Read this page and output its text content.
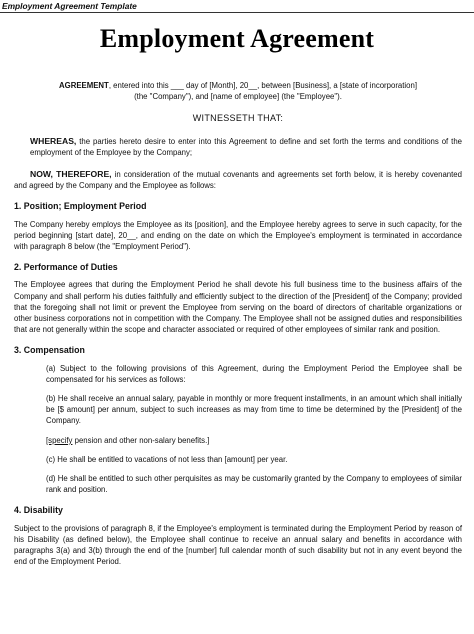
Employment Agreement Template
Employment Agreement

AGREEMENT, entered into this ___ day of [Month], 20__, between [Business], a [state of incorporation]

(the "Company"), and [name of employee] (the "Employee").

WITNESSETH THAT:

WHEREAS, the parties hereto desire to enter into this Agreement to define and set forth the terms and conditions of the employment of the Employee by the Company;

NOW, THEREFORE, in consideration of the mutual covenants and agreements set forth below, it is hereby covenanted and agreed by the Company and the Employee as follows:

1. Position; Employment Period

The Company hereby employs the Employee as its [position], and the Employee hereby agrees to serve in such capacity, for the period beginning [start date], 20__, and ending on the date on which the Employee's employment is terminated in accordance with paragraph 8 below (the "Employment Period").

2. Performance of Duties

The Employee agrees that during the Employment Period he shall devote his full business time to the business affairs of the Company and shall perform his duties faithfully and efficiently subject to the direction of the [President] of the Company; provided that the foregoing shall not limit or prevent the Employee from serving on the board of directors of charitable organizations or other business corporations not in competition with the Company. The Employee shall not be assigned duties and responsibilities that are not generally within the scope and character associated or required of other employees of similar rank and position.

3. Compensation

(a) Subject to the following provisions of this Agreement, during the Employment Period the Employee shall be compensated for his services as follows:

(b) He shall receive an annual salary, payable in monthly or more frequent installments, in an amount which shall initially be [$ amount] per annum, subject to such increases as may from time to time be determined by the [President] of the Company.

[specify pension and other non-salary benefits.]

(c) He shall be entitled to vacations of not less than [amount] per year.

(d) He shall be entitled to such other perquisites as may be customarily granted by the Company to employees of similar rank and position.

4. Disability

Subject to the provisions of paragraph 8, if the Employee's employment is terminated during the Employment Period by reason of his Disability (as defined below), the Employee shall continue to receive an annual salary and benefits in accordance with paragraphs 3(a) and 3(b) through the end of the [number] full calendar month of such disability but not in any event beyond the end of the Employment Period.
